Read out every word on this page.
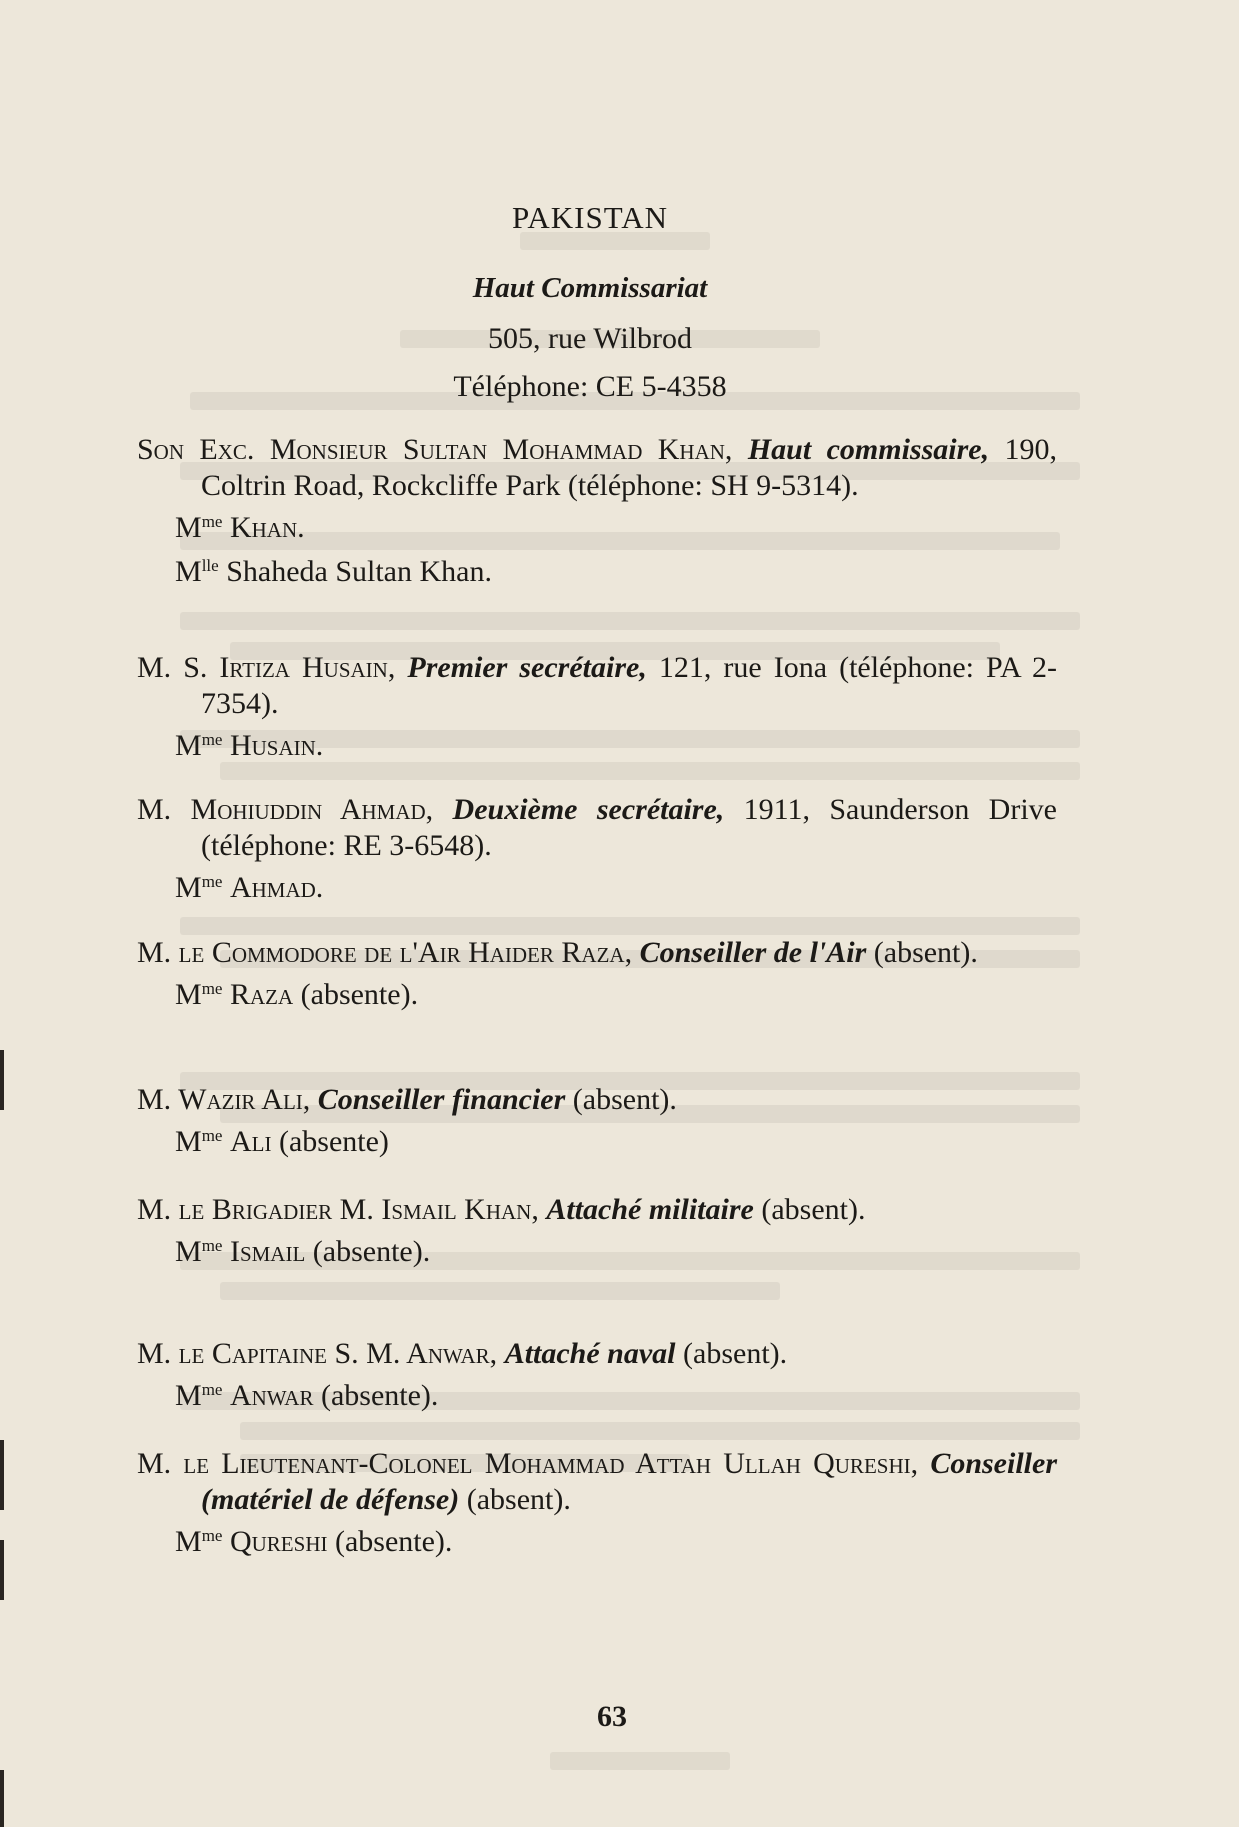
PAKISTAN
Haut Commissariat
505, rue Wilbrod
Téléphone: CE 5-4358
Son Exc. Monsieur Sultan Mohammad Khan, Haut commissaire, 190, Coltrin Road, Rockcliffe Park (téléphone: SH 9-5314).
$M^{me}$ Khan.
$M^{lle}$ Shaheda Sultan Khan.
M. S. Irtiza Husain, Premier secrétaire, 121, rue Iona (téléphone: PA 2-7354).
$M^{me}$ Husain.
M. Mohiuddin Ahmad, Deuxième secrétaire, 1911, Saunderson Drive (téléphone: RE 3-6548).
$M^{me}$ Ahmad.
M. le Commodore de l'Air Haider Raza, Conseiller de l'Air (absent).
$M^{me}$ Raza (absente).
M. Wazir Ali, Conseiller financier (absent).
$M^{me}$ Ali (absente)
M. le Brigadier M. Ismail Khan, Attaché militaire (absent).
$M^{me}$ Ismail (absente).
M. le Capitaine S. M. Anwar, Attaché naval (absent).
$M^{me}$ Anwar (absente).
M. le Lieutenant-Colonel Mohammad Attah Ullah Qureshi, Conseiller (matériel de défense) (absent).
$M^{me}$ Qureshi (absente).
63
